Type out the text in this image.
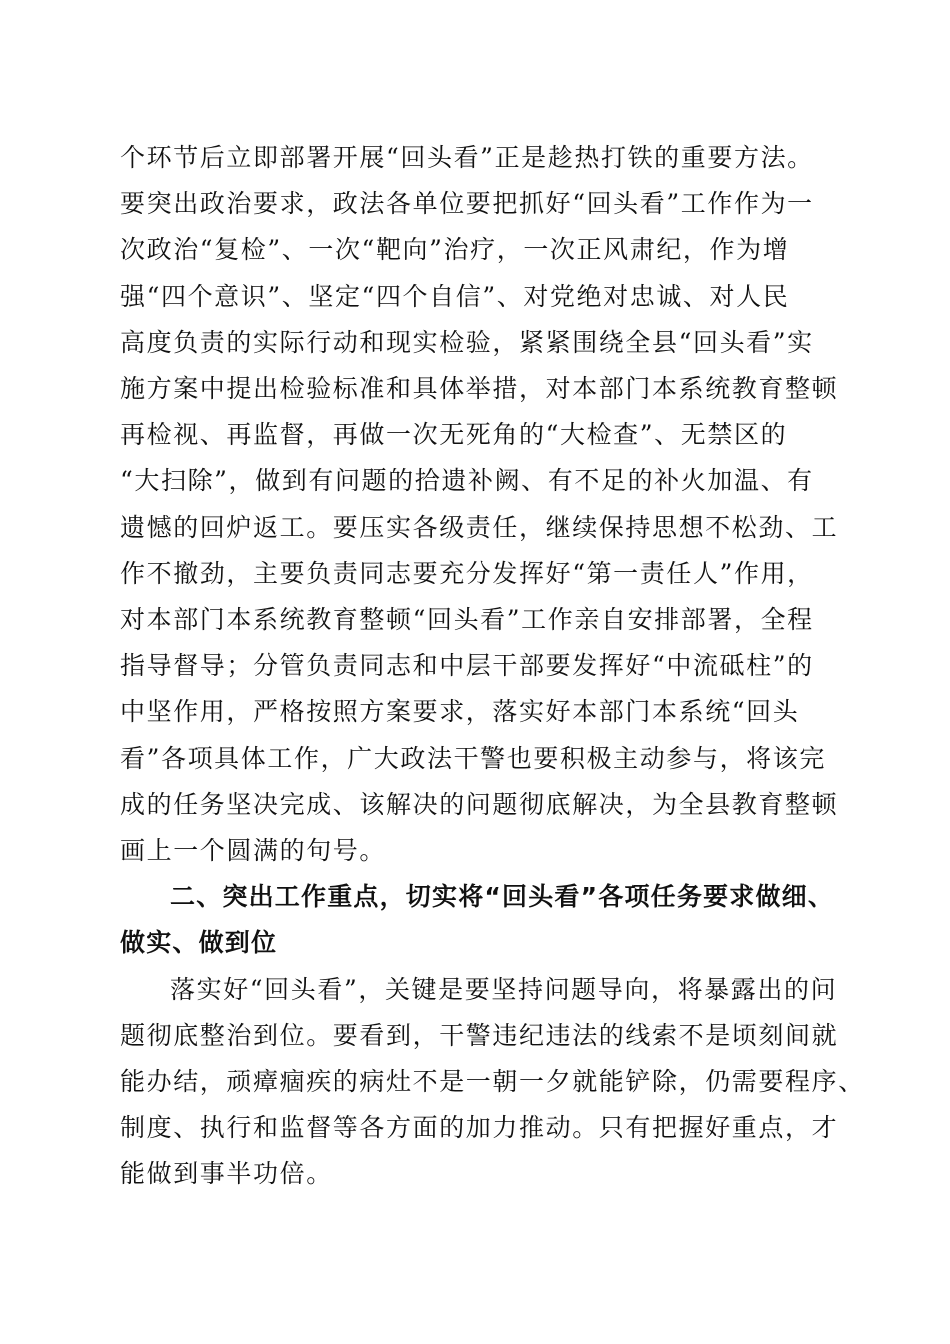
个环节后立即部署开展“回头看”正是趁热打铁的重要方法。
要突出政治要求，政法各单位要把抓好“回头看”工作作为一
次政治“复检”、一次“靶向”治疗，一次正风肃纪，作为增
强“四个意识”、坚定“四个自信”、对党绝对忠诚、对人民
高度负责的实际行动和现实检验，紧紧围绕全县“回头看”实
施方案中提出检验标准和具体举措，对本部门本系统教育整顿
再检视、再监督，再做一次无死角的“大检查”、无禁区的
“大扫除”，做到有问题的拾遗补阙、有不足的补火加温、有
遗憾的回炉返工。要压实各级责任，继续保持思想不松劲、工
作不撤劲，主要负责同志要充分发挥好“第一责任人”作用，
对本部门本系统教育整顿“回头看”工作亲自安排部署，全程
指导督导；分管负责同志和中层干部要发挥好“中流砥柱”的
中坚作用，严格按照方案要求，落实好本部门本系统“回头
看”各项具体工作，广大政法干警也要积极主动参与，将该完
成的任务坚决完成、该解决的问题彻底解决，为全县教育整顿
画上一个圆满的句号。

二、突出工作重点，切实将“回头看”各项任务要求做细、
做实、做到位

落实好“回头看”，关键是要坚持问题导向，将暴露出的问
题彻底整治到位。要看到，干警违纪违法的线索不是顷刻间就
能办结，顽瘴痼疾的病灶不是一朝一夕就能铲除，仍需要程序、
制度、执行和监督等各方面的加力推动。只有把握好重点，才
能做到事半功倍。
